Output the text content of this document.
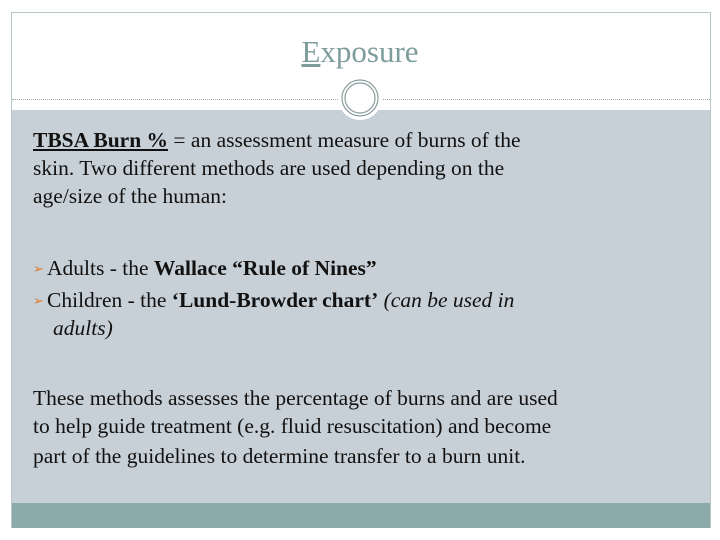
Exposure
TBSA Burn % = an assessment measure of burns of the
skin. Two different methods are used depending on the
age/size of the human:
➢ Adults - the Wallace “Rule of Nines”
➢ Children - the ‘Lund-Browder chart’ (can be used in
adults)
These methods assesses the percentage of burns and are used
to help guide treatment (e.g. fluid resuscitation) and become
part of the guidelines to determine transfer to a burn unit.
